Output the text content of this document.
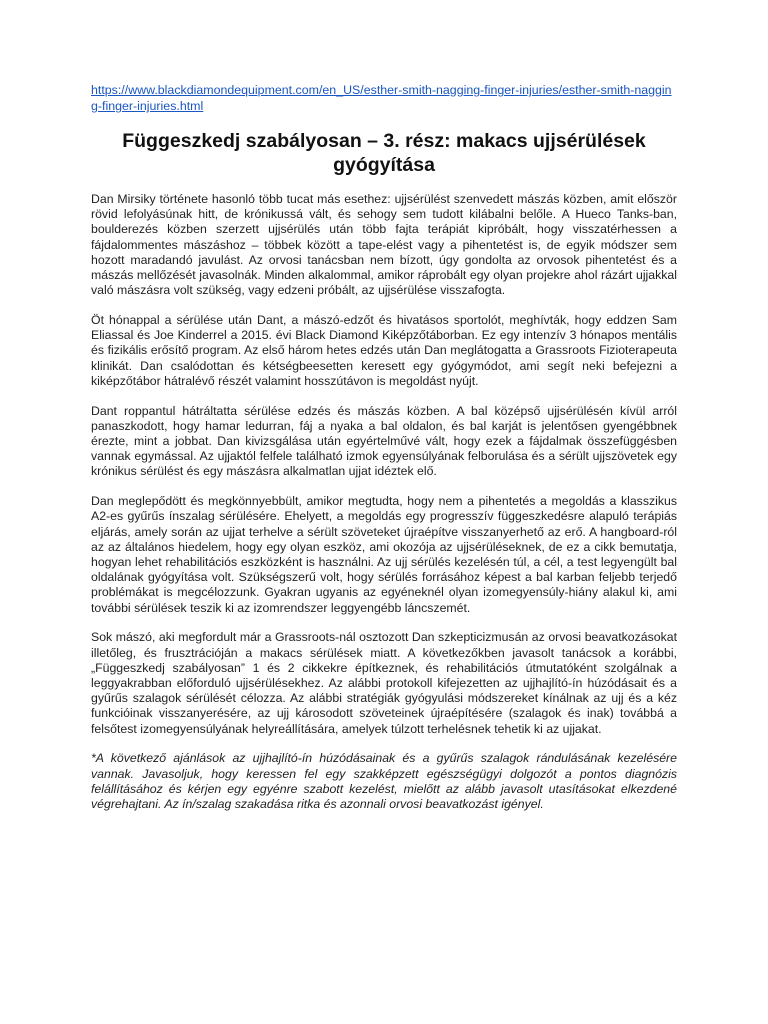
https://www.blackdiamondequipment.com/en_US/esther-smith-nagging-finger-injuries/esther-smith-nagging-finger-injuries.html
Függeszkedj szabályosan – 3. rész: makacs ujjsérülések gyógyítása

Dan Mirsiky története hasonló több tucat más esethez: ujjsérülést szenvedett mászás közben, amit először rövid lefolyásúnak hitt, de krónikussá vált, és sehogy sem tudott kilábalni belőle. A Hueco Tanks-ban, boulderezés közben szerzett ujjsérülés után több fajta terápiát kipróbált, hogy visszatérhessen a fájdalommentes mászáshoz – többek között a tape-elést vagy a pihentetést is, de egyik módszer sem hozott maradandó javulást. Az orvosi tanácsban nem bízott, úgy gondolta az orvosok pihentetést és a mászás mellőzését javasolnák. Minden alkalommal, amikor ráprobált egy olyan projekre ahol rázárt ujjakkal való mászásra volt szükség, vagy edzeni próbált, az ujjsérülése visszafogta.

Öt hónappal a sérülése után Dant, a mászó-edzőt és hivatásos sportolót, meghívták, hogy eddzen Sam Eliassal és Joe Kinderrel a 2015. évi Black Diamond Kiképzőtáborban. Ez egy intenzív 3 hónapos mentális és fizikális erősítő program. Az első három hetes edzés után Dan meglátogatta a Grassroots Fizioterapeuta klinikát. Dan csalódottan és kétségbeesetten keresett egy gyógymódot, ami segít neki befejezni a kiképzőtábor hátralévő részét valamint hosszútávon is megoldást nyújt.

Dant roppantul hátráltatta sérülése edzés és mászás közben. A bal középső ujjsérülésén kívül arról panaszkodott, hogy hamar ledurran, fáj a nyaka a bal oldalon, és bal karját is jelentősen gyengébbnek érezte, mint a jobbat. Dan kivizsgálása után egyértelművé vált, hogy ezek a fájdalmak összefüggésben vannak egymással. Az ujjaktól felfele található izmok egyensúlyának felborulása és a sérült ujjszövetek egy krónikus sérülést és egy mászásra alkalmatlan ujjat idéztek elő.

Dan meglepődött és megkönnyebbült, amikor megtudta, hogy nem a pihentetés a megoldás a klasszikus A2-es gyűrűs ínszalag sérülésére. Ehelyett, a megoldás egy progresszív függeszkedésre alapuló terápiás eljárás, amely során az ujjat terhelve a sérült szöveteket újraépítve visszanyerhető az erő. A hangboard-ról az az általános hiedelem, hogy egy olyan eszköz, ami okozója az ujjsérüléseknek, de ez a cikk bemutatja, hogyan lehet rehabilitációs eszközként is használni. Az ujj sérülés kezelésén túl, a cél, a test legyengült bal oldalának gyógyítása volt. Szükségszerű volt, hogy sérülés forrásához képest a bal karban feljebb terjedő problémákat is megcélozzunk. Gyakran ugyanis az egyéneknél olyan izomegyensúly-hiány alakul ki, ami további sérülések teszik ki az izomrendszer leggyengébb láncszemét.

Sok mászó, aki megfordult már a Grassroots-nál osztozott Dan szkepticizmusán az orvosi beavatkozásokat illetőleg, és frusztrációján a makacs sérülések miatt. A következőkben javasolt tanácsok a korábbi, „Függeszkedj szabályosan” 1 és 2 cikkekre építkeznek, és rehabilitációs útmutatóként szolgálnak a leggyakrabban előforduló ujjsérülésekhez. Az alábbi protokoll kifejezetten az ujjhajlító-ín húzódásait és a gyűrűs szalagok sérülését célozza. Az alábbi stratégiák gyógyulási módszereket kínálnak az ujj és a kéz funkcióinak visszanyerésére, az ujj károsodott szöveteinek újraépítésére (szalagok és inak) továbbá a felsőtest izomegyensúlyának helyreállítására, amelyek túlzott terhelésnek tehetik ki az ujjakat.

*A következő ajánlások az ujjhajlító-ín húzódásainak és a gyűrűs szalagok rándulásának kezelésére vannak. Javasoljuk, hogy keressen fel egy szakképzett egészségügyi dolgozót a pontos diagnózis felállításához és kérjen egy egyénre szabott kezelést, mielőtt az alább javasolt utasításokat elkezdené végrehajtani. Az ín/szalag szakadása ritka és azonnali orvosi beavatkozást igényel.
